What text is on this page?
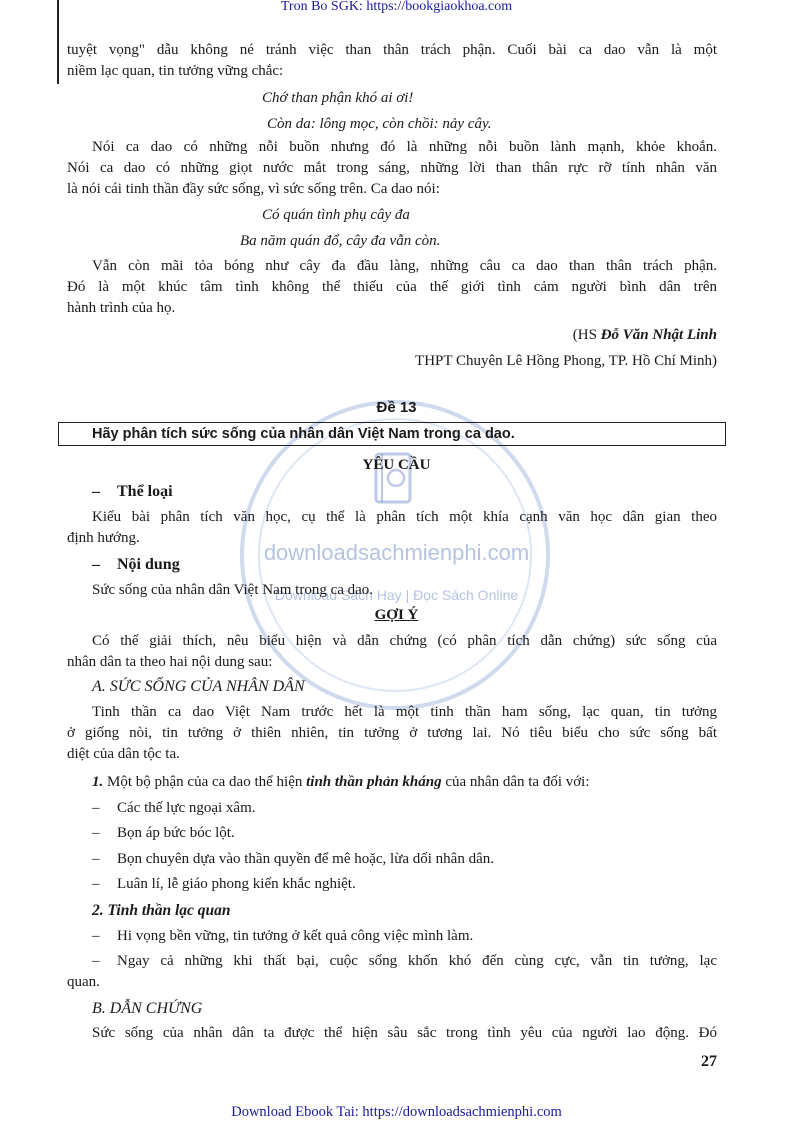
Tron Bo SGK: https://bookgiaokhoa.com
downloadsachmienphi.com
Download Sách Hay | Đọc Sách Online
tuyệt vọng" dẫu không né tránh việc than thân trách phận. Cuối bài ca dao vẫn là một
niềm lạc quan, tin tưởng vững chắc:
Chớ than phận khó ai ơi!
Còn da: lông mọc, còn chồi: nảy cây.
Nói ca dao có những nỗi buồn nhưng đó là những nỗi buồn lành mạnh, khỏe khoắn.
Nói ca dao có những giọt nước mắt trong sáng, những lời than thân rực rỡ tính nhân văn
là nói cái tinh thần đầy sức sống, vì sức sống trên. Ca dao nói:
Có quán tình phụ cây đa
Ba năm quán đổ, cây đa vẫn còn.
Vẫn còn mãi tỏa bóng như cây đa đầu làng, những câu ca dao than thân trách phận.
Đó là một khúc tâm tình không thể thiếu của thế giới tình cảm người bình dân trên
hành trình của họ.
(HS Đỗ Văn Nhật Linh
THPT Chuyên Lê Hồng Phong, TP. Hồ Chí Minh)
Đề 13
Hãy phân tích sức sống của nhân dân Việt Nam trong ca dao.
YÊU CẦU
– Thể loại
Kiểu bài phân tích văn học, cụ thể là phân tích một khía cạnh văn học dân gian theo
định hướng.
– Nội dung
Sức sống của nhân dân Việt Nam trong ca dao.
GỢI Ý
Có thể giải thích, nêu biểu hiện và dẫn chứng (có phân tích dẫn chứng) sức sống của
nhân dân ta theo hai nội dung sau:
A. SỨC SỐNG CỦA NHÂN DÂN
Tinh thần ca dao Việt Nam trước hết là một tinh thần ham sống, lạc quan, tin tưởng
ở giống nòi, tin tưởng ở thiên nhiên, tin tưởng ở tương lai. Nó tiêu biểu cho sức sống bất
diệt của dân tộc ta.
1. Một bộ phận của ca dao thể hiện tinh thần phản kháng của nhân dân ta đối với:
– Các thế lực ngoại xâm.
– Bọn áp bức bóc lột.
– Bọn chuyên dựa vào thần quyền để mê hoặc, lừa dối nhân dân.
– Luân lí, lễ giáo phong kiến khắc nghiệt.
2. Tinh thần lạc quan
– Hi vọng bền vững, tin tưởng ở kết quả công việc mình làm.
– Ngay cả những khi thất bại, cuộc sống khốn khó đến cùng cực, vẫn tin tưởng, lạc
quan.
B. DẪN CHỨNG
Sức sống của nhân dân ta được thể hiện sâu sắc trong tình yêu của người lao động. Đó
27
Download Ebook Tai: https://downloadsachmienphi.com
